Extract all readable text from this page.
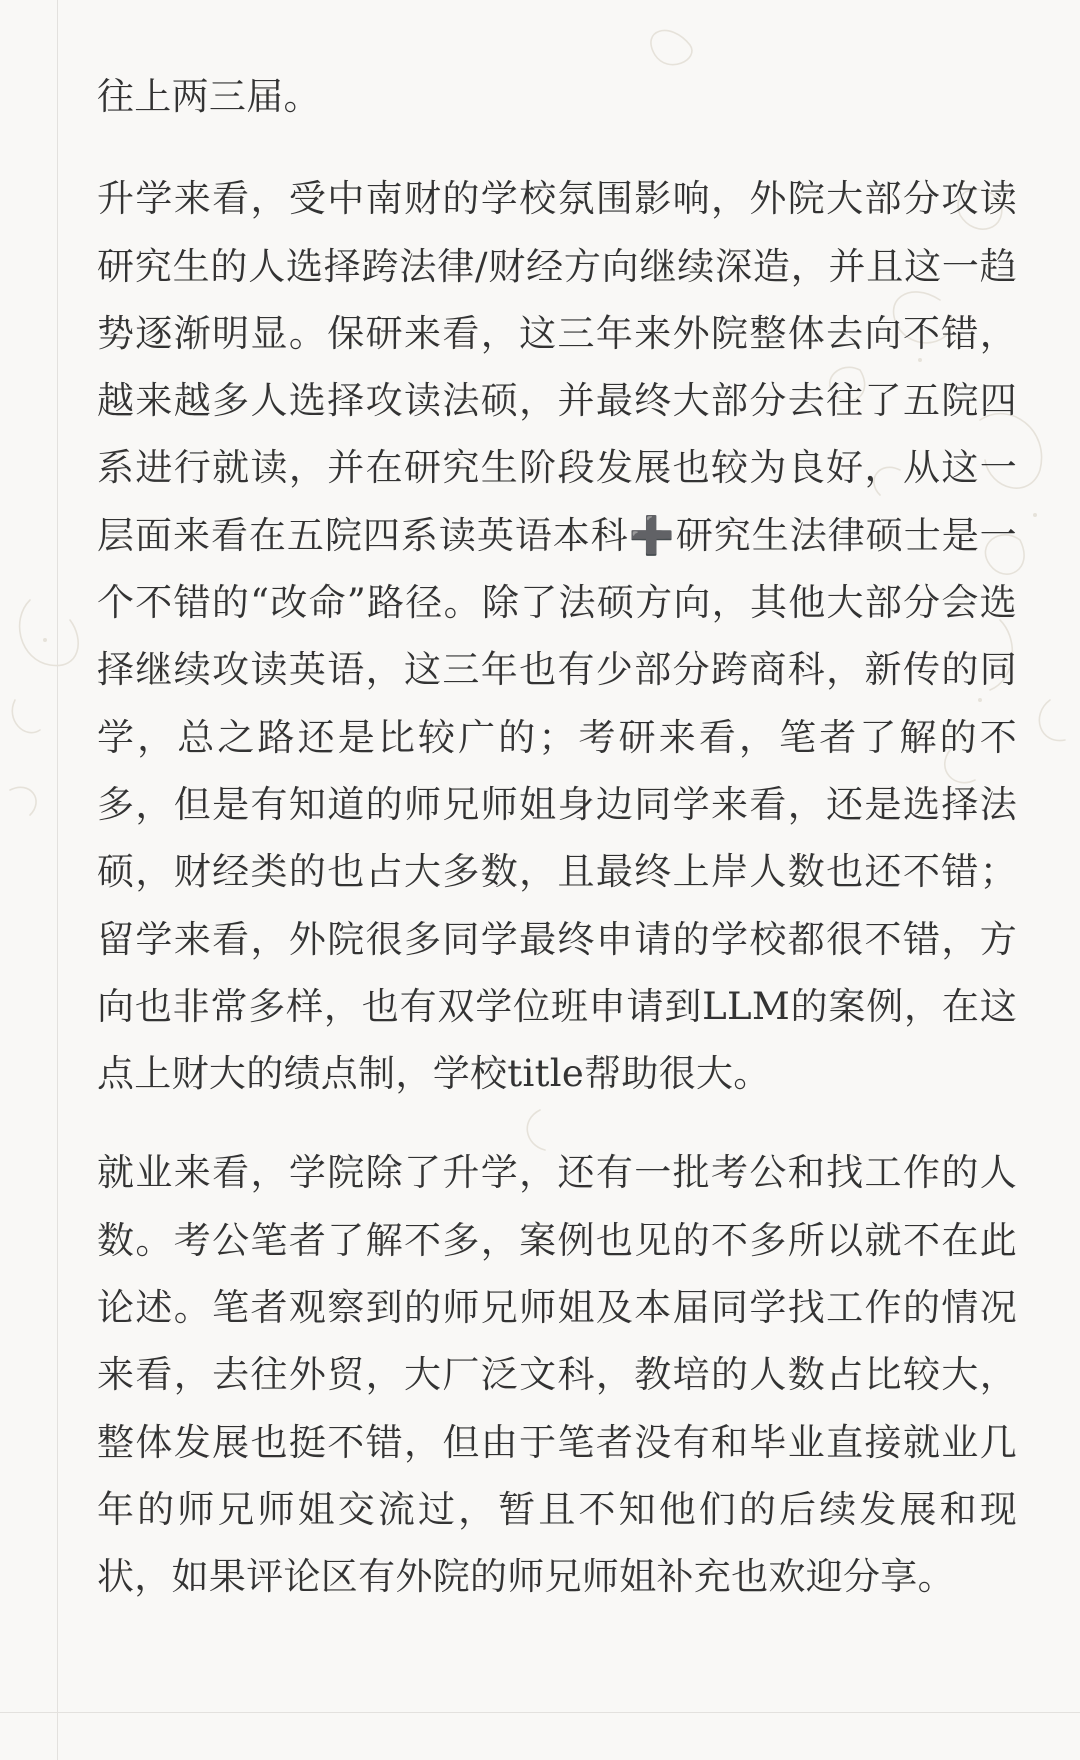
往上两三届。

升学来看，受中南财的学校氛围影响，外院大部分攻读研究生的人选择跨法律/财经方向继续深造，并且这一趋势逐渐明显。保研来看，这三年来外院整体去向不错，越来越多人选择攻读法硕，并最终大部分去往了五院四系进行就读，并在研究生阶段发展也较为良好，从这一层面来看在五院四系读英语本科➕研究生法律硕士是一个不错的“改命”路径。除了法硕方向，其他大部分会选择继续攻读英语，这三年也有少部分跨商科，新传的同学，总之路还是比较广的；考研来看，笔者了解的不多，但是有知道的师兄师姐身边同学来看，还是选择法硕，财经类的也占大多数，且最终上岸人数也还不错；留学来看，外院很多同学最终申请的学校都很不错，方向也非常多样，也有双学位班申请到LLM的案例，在这点上财大的绩点制，学校title帮助很大。

就业来看，学院除了升学，还有一批考公和找工作的人数。考公笔者了解不多，案例也见的不多所以就不在此论述。笔者观察到的师兄师姐及本届同学找工作的情况来看，去往外贸，大厂泛文科，教培的人数占比较大，整体发展也挺不错，但由于笔者没有和毕业直接就业几年的师兄师姐交流过，暂且不知他们的后续发展和现状，如果评论区有外院的师兄师姐补充也欢迎分享。
